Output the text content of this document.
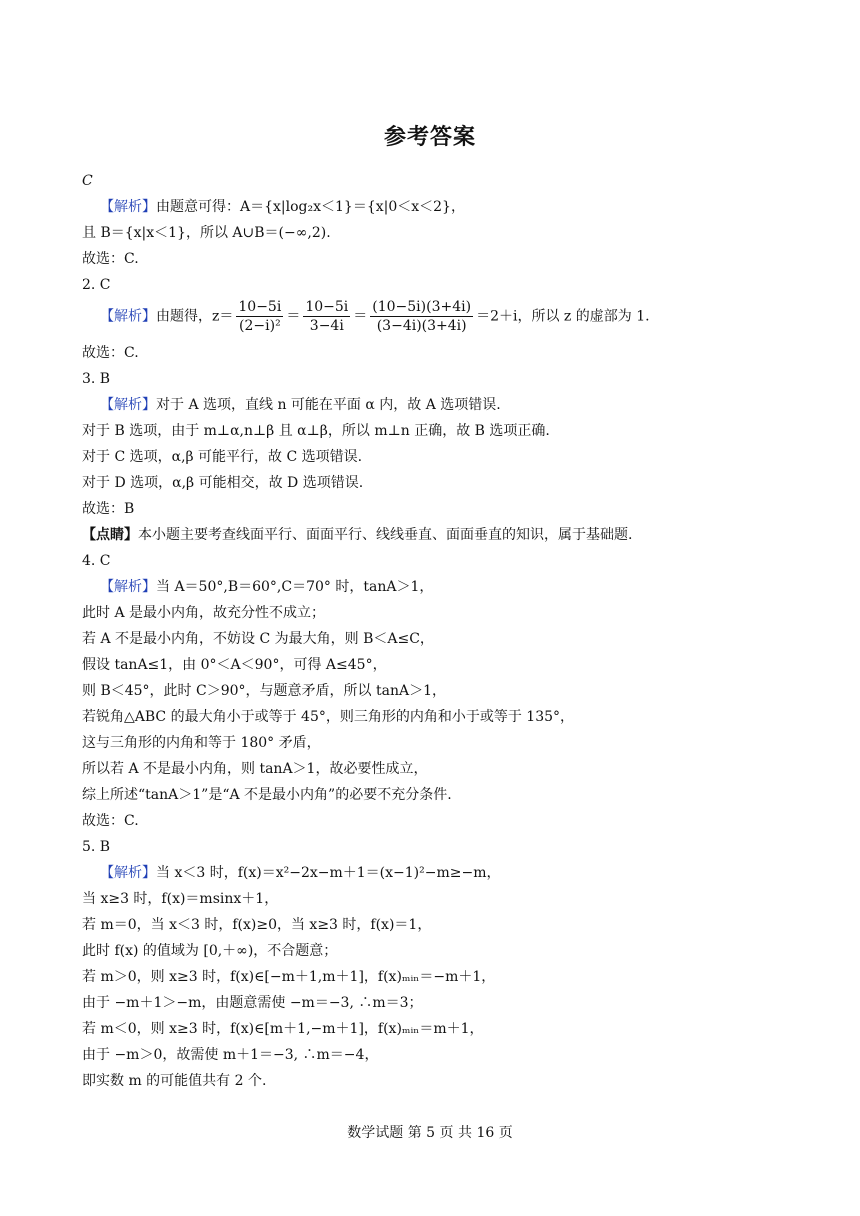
参考答案
C
【解析】由题意可得：A＝{x|log₂x＜1}＝{x|0＜x＜2}，
且 B＝{x|x＜1}，所以 A∪B＝(−∞,2).
故选：C.
2. C
【解析】由题得，$z= \frac{10-5i}{\text{(2−i)²}} = \frac{10-5i}{3-4i} = \frac{(10-5i)(3+4i)}{(3-4i)(3+4i)} =2+i$，所以 z 的虚部为 1.
故选：C.
3. B
【解析】对于 A 选项，直线 n 可能在平面 α 内，故 A 选项错误.
对于 B 选项，由于 m⊥α,n⊥β 且 α⊥β，所以 m⊥n 正确，故 B 选项正确.
对于 C 选项，α,β 可能平行，故 C 选项错误.
对于 D 选项，α,β 可能相交，故 D 选项错误.
故选：B
【点睛】本小题主要考查线面平行、面面平行、线线垂直、面面垂直的知识，属于基础题.
4. C
【解析】当 A＝50°,B＝60°,C＝70° 时，tanA＞1，
此时 A 是最小内角，故充分性不成立；
若 A 不是最小内角，不妨设 C 为最大角，则 B＜A≤C，
假设 tanA≤1，由 0°＜A＜90°，可得 A≤45°，
则 B＜45°，此时 C＞90°，与题意矛盾，所以 tanA＞1，
若锐角△ABC 的最大角小于或等于 45°，则三角形的内角和小于或等于 135°，
这与三角形的内角和等于 180° 矛盾，
所以若 A 不是最小内角，则 tanA＞1，故必要性成立，
综上所述“tanA＞1”是“A 不是最小内角”的必要不充分条件.
故选：C.
5. B
【解析】当 x＜3 时，f(x)＝x²−2x−m＋1＝(x−1)²−m≥−m，
当 x≥3 时，f(x)＝msinx＋1，
若 m＝0，当 x＜3 时，f(x)≥0，当 x≥3 时，f(x)＝1，
此时 f(x) 的值域为 [0,＋∞)，不合题意；
若 m＞0，则 x≥3 时，f(x)∈[−m＋1,m＋1]，f(x)ₘᵢₙ＝−m＋1，
由于 −m＋1＞−m，由题意需使 −m＝−3, ∴m＝3；
若 m＜0，则 x≥3 时，f(x)∈[m＋1,−m＋1]，f(x)ₘᵢₙ＝m＋1，
由于 −m＞0，故需使 m＋1＝−3, ∴m＝−4，
即实数 m 的可能值共有 2 个.
数学试题 第 5 页 共 16 页
